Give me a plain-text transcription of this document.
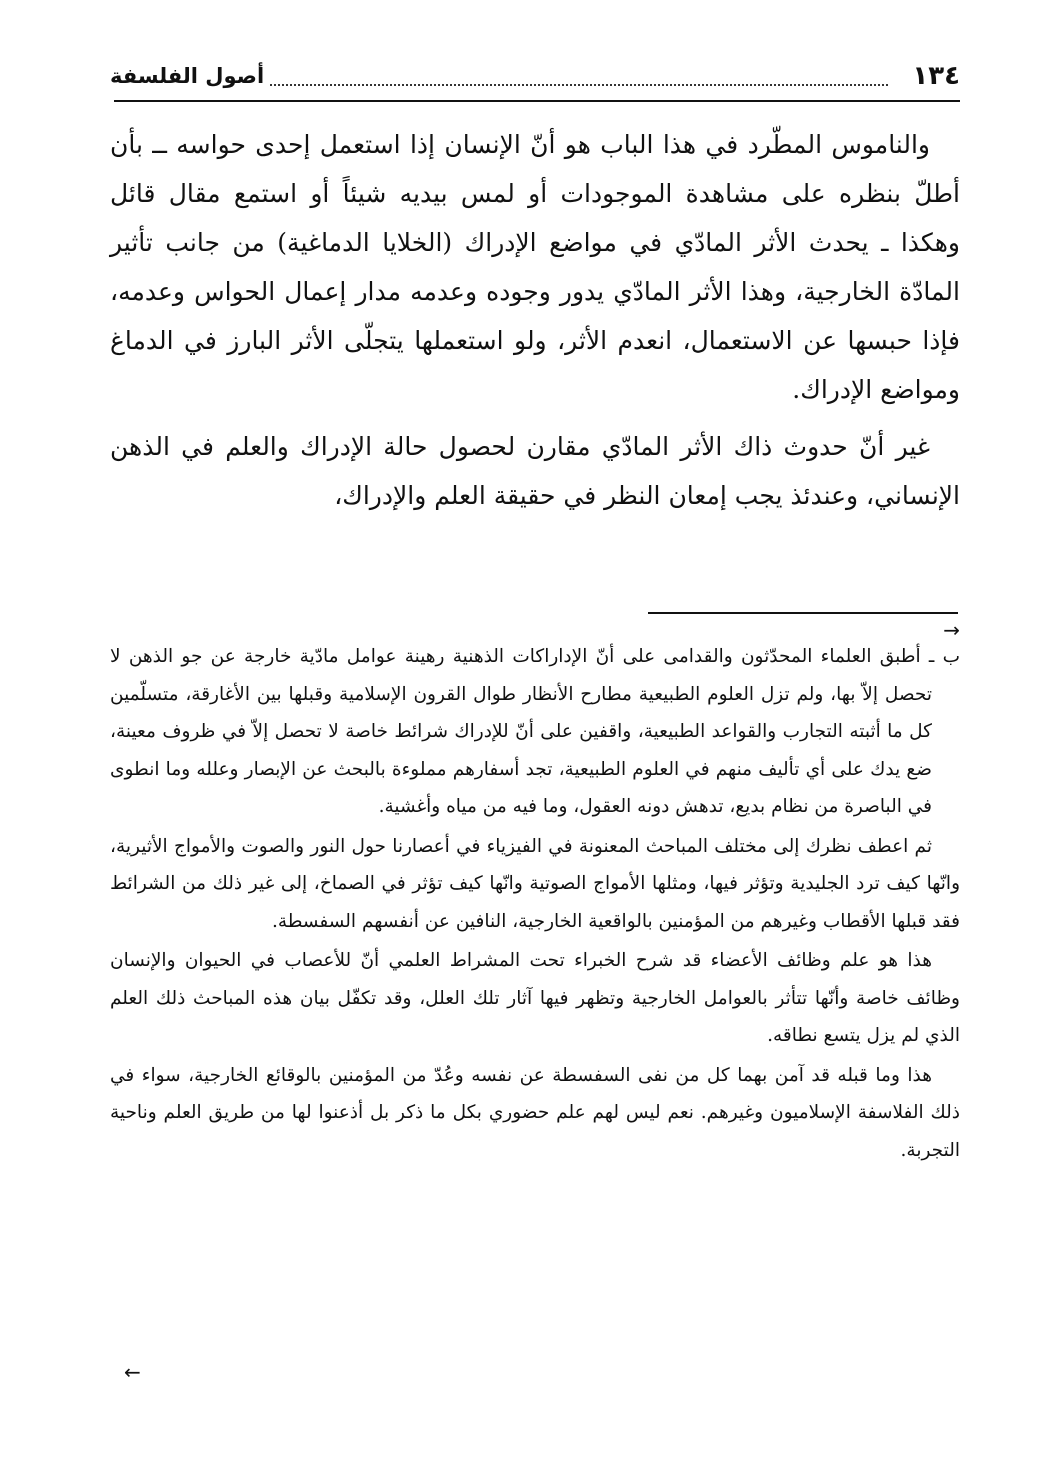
١٣٤
أصول الفلسفة

والناموس المطّرد في هذا الباب هو أنّ الإنسان إذا استعمل إحدى حواسه ــ بأن أطلّ بنظره على مشاهدة الموجودات أو لمس بيديه شيئاً أو استمع مقال قائل وهكذا ـ يحدث الأثر المادّي في مواضع الإدراك (الخلايا الدماغية) من جانب تأثير المادّة الخارجية، وهذا الأثر المادّي يدور وجوده وعدمه مدار إعمال الحواس وعدمه، فإذا حبسها عن الاستعمال، انعدم الأثر، ولو استعملها يتجلّى الأثر البارز في الدماغ ومواضع الإدراك.

غير أنّ حدوث ذاك الأثر المادّي مقارن لحصول حالة الإدراك والعلم في الذهن الإنساني، وعندئذ يجب إمعان النظر في حقيقة العلم والإدراك،

→

ب ـ أطبق العلماء المحدّثون والقدامى على أنّ الإداراكات الذهنية رهينة عوامل مادّية خارجة عن جو الذهن لا تحصل إلاّ بها، ولم تزل العلوم الطبيعية مطارح الأنظار طوال القرون الإسلامية وقبلها بين الأغارقة، متسلّمين كل ما أثبته التجارب والقواعد الطبيعية، واقفين على أنّ للإدراك شرائط خاصة لا تحصل إلاّ في ظروف معينة، ضع يدك على أي تأليف منهم في العلوم الطبيعية، تجد أسفارهم مملوءة بالبحث عن الإبصار وعلله وما انطوى في الباصرة من نظام بديع، تدهش دونه العقول، وما فيه من مياه وأغشية.

ثم اعطف نظرك إلى مختلف المباحث المعنونة في الفيزياء في أعصارنا حول النور والصوت والأمواج الأثيرية، وانّها كيف ترد الجليدية وتؤثر فيها، ومثلها الأمواج الصوتية وانّها كيف تؤثر في الصماخ، إلى غير ذلك من الشرائط فقد قبلها الأقطاب وغيرهم من المؤمنين بالواقعية الخارجية، النافين عن أنفسهم السفسطة.

هذا هو علم وظائف الأعضاء قد شرح الخبراء تحت المشراط العلمي أنّ للأعصاب في الحيوان والإنسان وظائف خاصة وأنّها تتأثر بالعوامل الخارجية وتظهر فيها آثار تلك العلل، وقد تكفّل بيان هذه المباحث ذلك العلم الذي لم يزل يتسع نطاقه.

هذا وما قبله قد آمن بهما كل من نفى السفسطة عن نفسه وعُدّ من المؤمنين بالوقائع الخارجية، سواء في ذلك الفلاسفة الإسلاميون وغيرهم. نعم ليس لهم علم حضوري بكل ما ذكر بل أذعنوا لها من طريق العلم وناحية التجربة.

←
